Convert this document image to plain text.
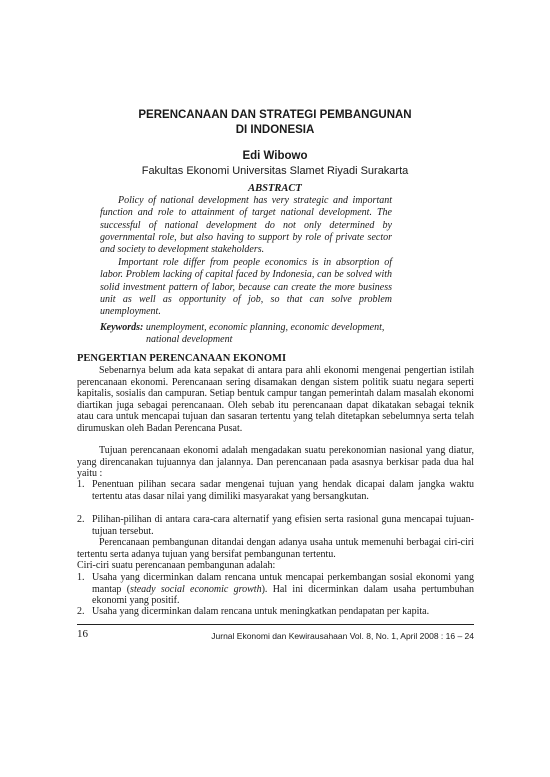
PERENCANAAN DAN STRATEGI PEMBANGUNAN
DI INDONESIA
Edi Wibowo
Fakultas Ekonomi Universitas Slamet Riyadi Surakarta
ABSTRACT

Policy of national development has very strategic and important function and role to attainment of target national development. The successful of national development do not only determined by governmental role, but also having to support by role of private sector and society to development stakeholders.

Important role differ from people economics is in absorption of labor. Problem lacking of capital faced by Indonesia, can be solved with solid investment pattern of labor, because can create the more business unit as well as opportunity of job, so that can solve problem unemployment.

Keywords: unemployment, economic planning, economic development,

national development
PENGERTIAN PERENCANAAN EKONOMI

Sebenarnya belum ada kata sepakat di antara para ahli ekonomi mengenai pengertian istilah perencanaan ekonomi. Perencanaan sering disamakan dengan sistem politik suatu negara seperti kapitalis, sosialis dan campuran. Setiap bentuk campur tangan pemerintah dalam masalah ekonomi diartikan juga sebagai perencanaan. Oleh sebab itu perencanaan dapat dikatakan sebagai teknik atau cara untuk mencapai tujuan dan sasaran tertentu yang telah ditetapkan sebelumnya serta telah dirumuskan oleh Badan Perencana Pusat.

Tujuan perencanaan ekonomi adalah mengadakan suatu perekonomian nasional yang diatur, yang direncanakan tujuannya dan jalannya. Dan perencanaan pada asasnya berkisar pada dua hal yaitu :

1. Penentuan pilihan secara sadar mengenai tujuan yang hendak dicapai dalam jangka waktu tertentu atas dasar nilai yang dimiliki masyarakat yang bersangkutan.
2. Pilihan-pilihan di antara cara-cara alternatif yang efisien serta rasional guna mencapai tujuan-tujuan tersebut.

Perencanaan pembangunan ditandai dengan adanya usaha untuk memenuhi berbagai ciri-ciri tertentu serta adanya tujuan yang bersifat pembangunan tertentu.

Ciri-ciri suatu perencanaan pembangunan adalah:

1. Usaha yang dicerminkan dalam rencana untuk mencapai perkembangan sosial ekonomi yang mantap (steady social economic growth). Hal ini dicerminkan dalam usaha pertumbuhan ekonomi yang positif.
2. Usaha yang dicerminkan dalam rencana untuk meningkatkan pendapatan per kapita.
16	Jurnal Ekonomi dan Kewirausahaan Vol. 8, No. 1, April 2008 : 16 – 24
